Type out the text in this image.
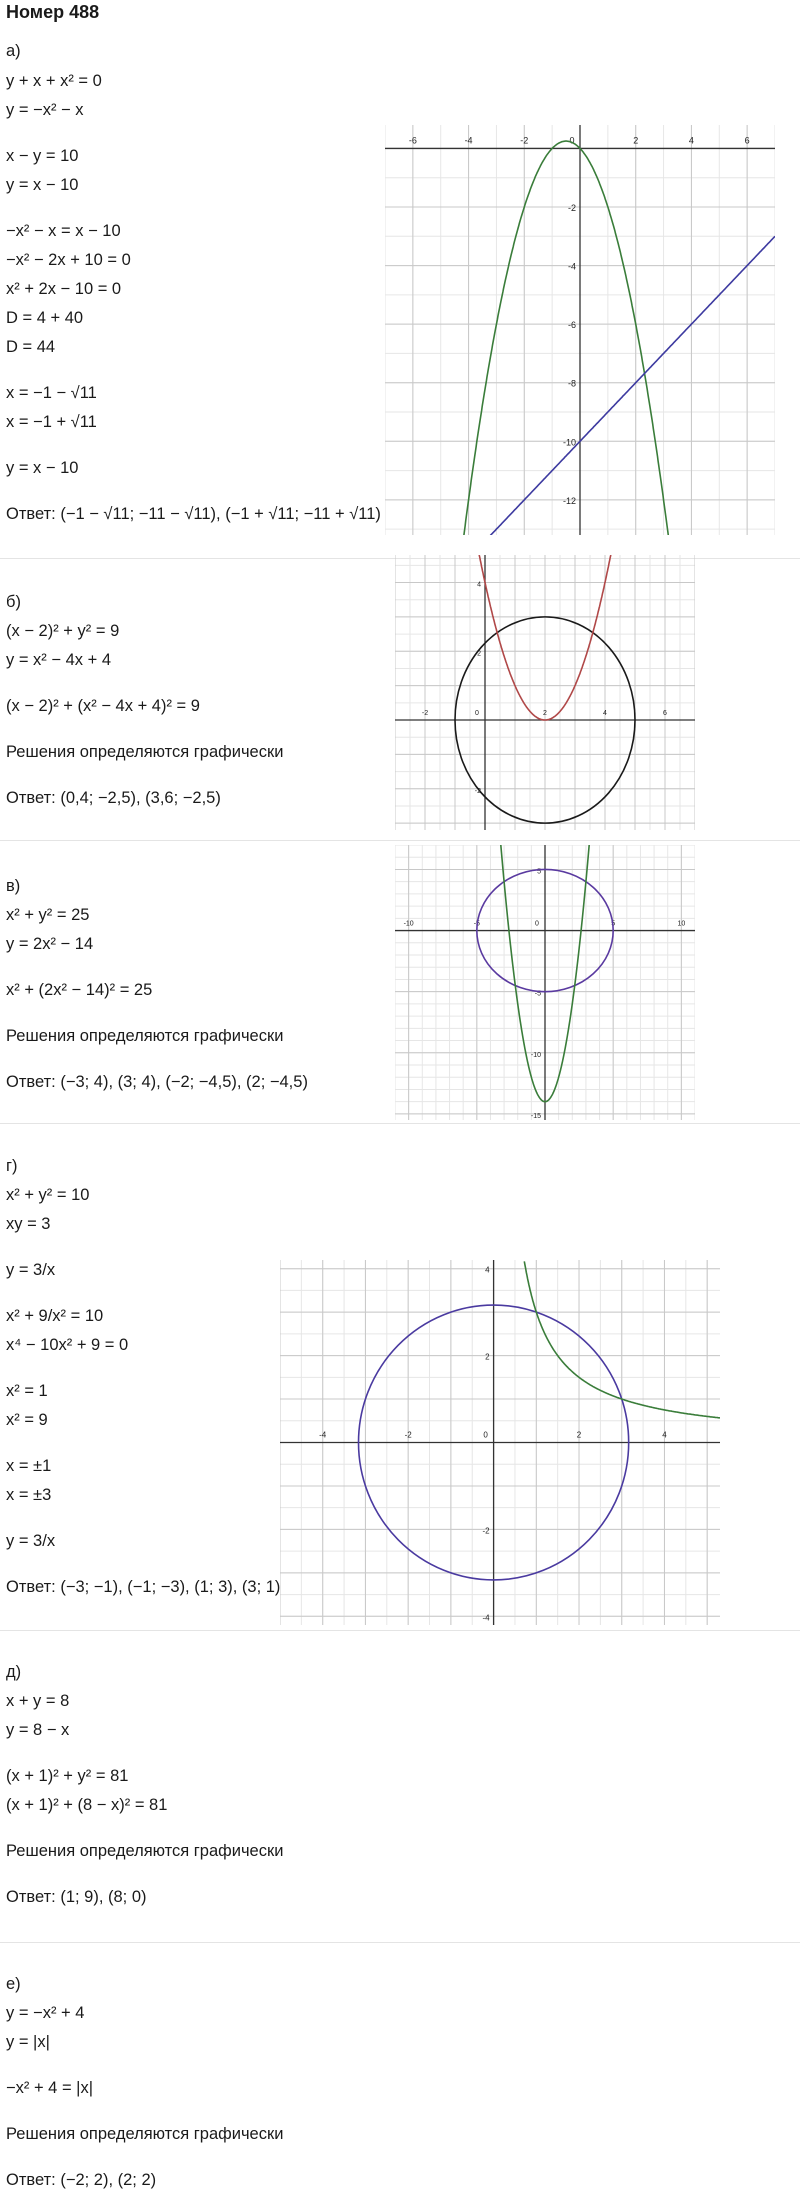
Номер 488
а)
y + x + x² = 0
y = −x² − x
x − y = 10
y = x − 10
−x² − x = x − 10
−x² − 2x + 10 = 0
x² + 2x − 10 = 0
D = 4 + 40
D = 44
x = −1 − √11
x = −1 + √11
y = x − 10
Ответ: (−1 − √11; −11 − √11), (−1 + √11; −11 + √11)
-6	-4	-2	0	2	4	6
-2
-4
-6
-8
-10
-12
б)
(x − 2)² + y² = 9
y = x² − 4x + 4
(x − 2)² + (x² − 4x + 4)² = 9
Решения определяются графически
Ответ: (0,4; −2,5), (3,6; −2,5)
-2	0	2	4	6
4
2
-2
в)
x² + y² = 25
y = 2x² − 14
x² + (2x² − 14)² = 25
Решения определяются графически
Ответ: (−3; 4), (3; 4), (−2; −4,5), (2; −4,5)
-10	-5	0	5	10
5
-5
-10
-15
г)
x² + y² = 10
xy = 3
y = 3/x
x² + 9/x² = 10
x⁴ − 10x² + 9 = 0
x² = 1
x² = 9
x = ±1
x = ±3
y = 3/x
Ответ: (−3; −1), (−1; −3), (1; 3), (3; 1)
-4	-2	0	2	4
4
2
-2
-4
д)
x + y = 8
y = 8 − x
(x + 1)² + y² = 81
(x + 1)² + (8 − x)² = 81
Решения определяются графически
Ответ: (1; 9), (8; 0)
е)
y = −x² + 4
y = |x|
−x² + 4 = |x|
Решения определяются графически
Ответ: (−2; 2), (2; 2)
